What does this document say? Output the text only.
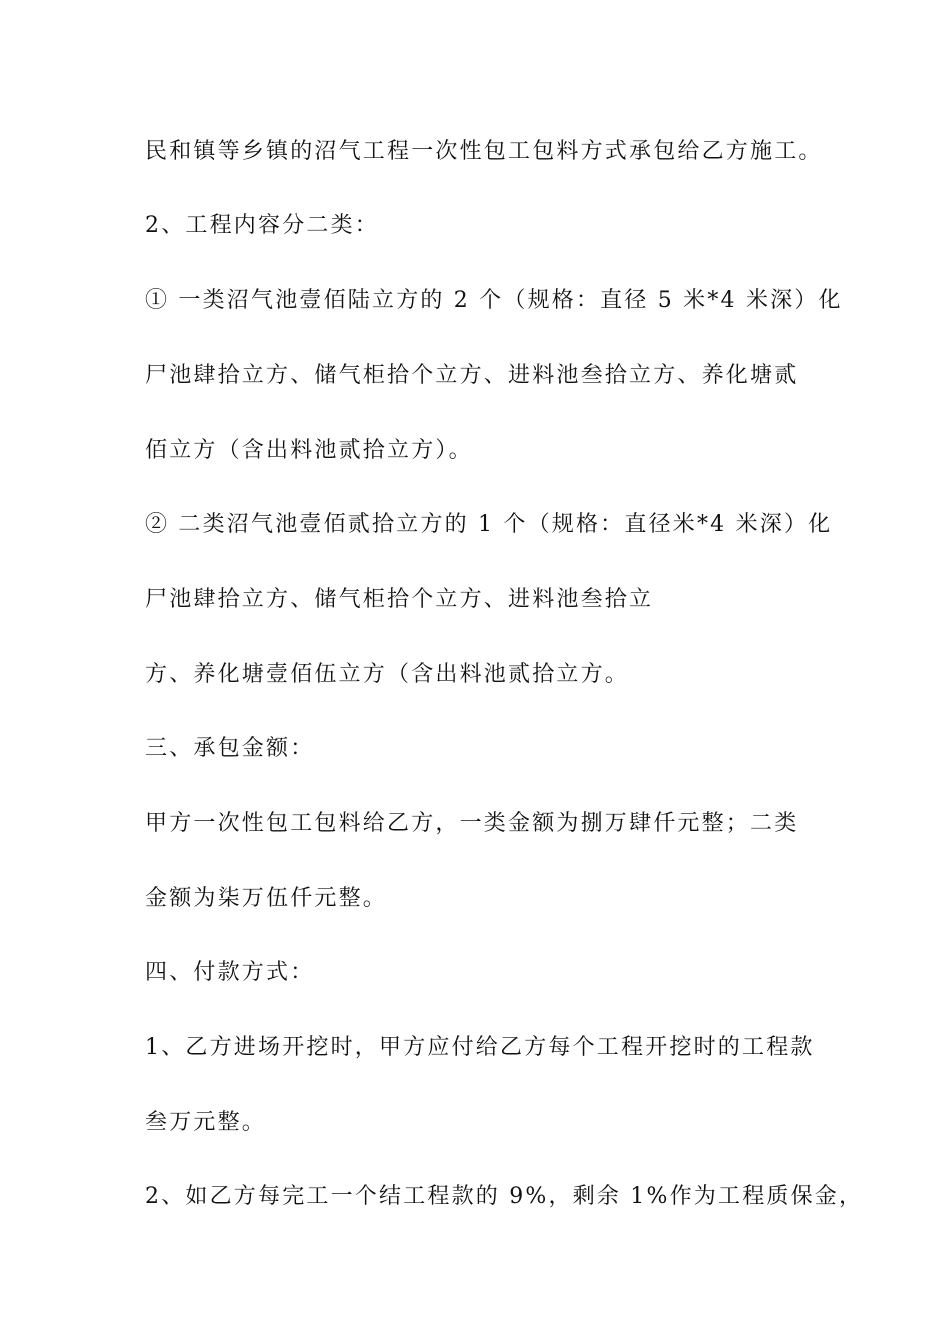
民和镇等乡镇的沼气工程一次性包工包料方式承包给乙方施工。
2、工程内容分二类：
① 一类沼气池壹佰陆立方的 2 个（规格：直径 5 米*4 米深）化
尸池肆拾立方、储气柜拾个立方、进料池叁拾立方、养化塘贰
佰立方（含出料池贰拾立方）。
② 二类沼气池壹佰贰拾立方的 1 个（规格：直径米*4 米深）化
尸池肆拾立方、储气柜拾个立方、进料池叁拾立
方、养化塘壹佰伍立方（含出料池贰拾立方。
三、承包金额：
甲方一次性包工包料给乙方，一类金额为捌万肆仟元整；二类
金额为柒万伍仟元整。
四、付款方式：
1、乙方进场开挖时，甲方应付给乙方每个工程开挖时的工程款
叁万元整。
2、如乙方每完工一个结工程款的 9%，剩余 1%作为工程质保金，
